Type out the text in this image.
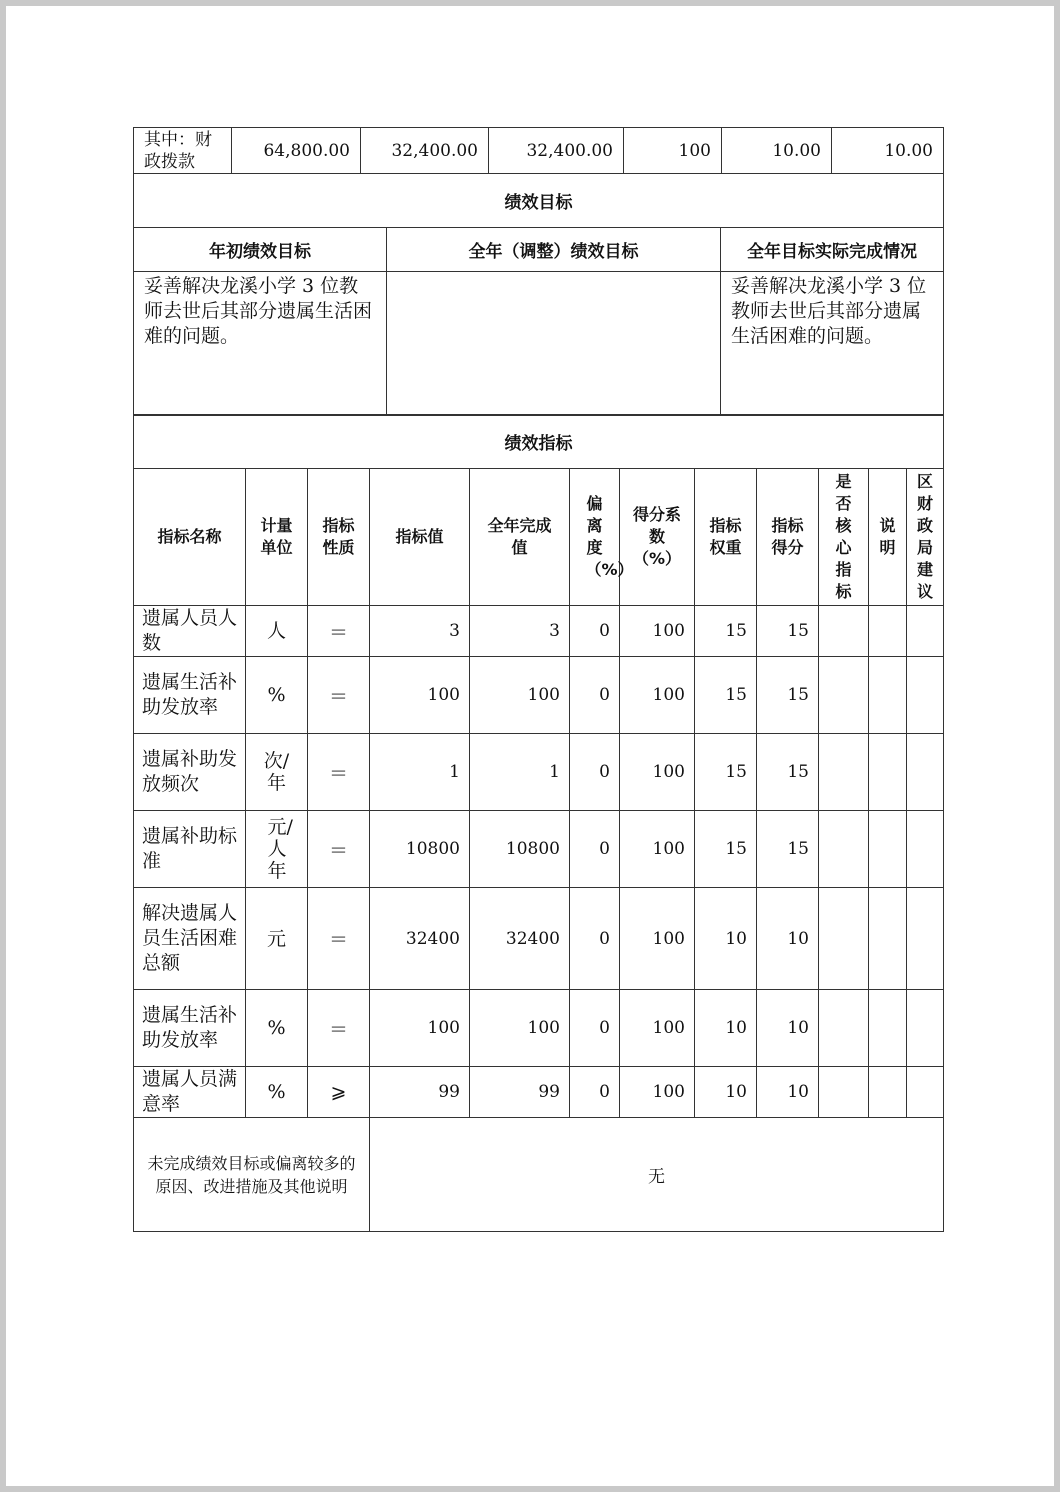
其中：财政拨款	64,800.00	32,400.00	32,400.00	100	10.00	10.00
绩效目标		
年初绩效目标	全年（调整）绩效目标	全年目标实际完成情况
妥善解决龙溪小学 3 位教师去世后其部分遗属生活困难的问题。		妥善解决龙溪小学 3 位教师去世后其部分遗属生活困难的问题。
绩效指标											
指标名称	计量单位	指标性质	指标值	全年完成值	偏离度（%）	得分系数（%）	指标权重	指标得分	是否核心指标	说明	区财政局建议
遗属人员人数	人	＝	3	3	0	100	15	15			
遗属生活补助发放率	%	＝	100	100	0	100	15	15			
遗属补助发放频次	次/年	＝	1	1	0	100	15	15			
遗属补助标准	元/人年	＝	10800	10800	0	100	15	15			
解决遗属人员生活困难总额	元	＝	32400	32400	0	100	10	10			
遗属生活补助发放率	%	＝	100	100	0	100	10	10			
遗属人员满意率	%	⩾	99	99	0	100	10	10			
未完成绩效目标或偏离较多的原因、改进措施及其他说明			无								
